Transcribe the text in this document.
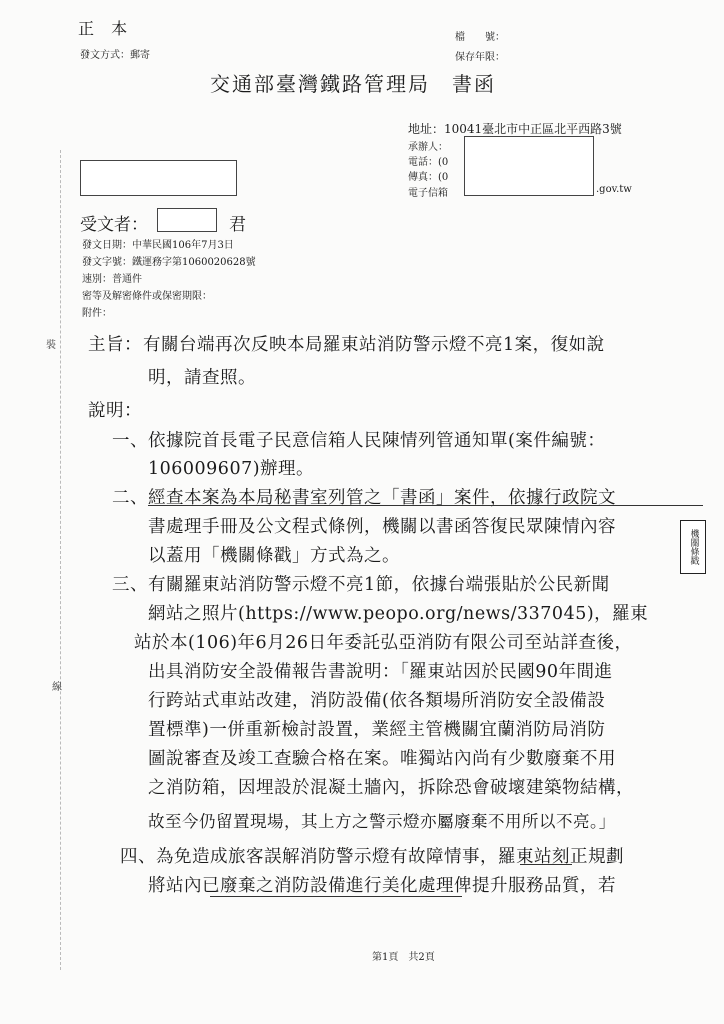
正 本
發文方式：郵寄
檔　　號：
保存年限：
交通部臺灣鐵路管理局　書函
地址：10041臺北市中正區北平西路3號
承辦人：
電話：(0
傳真：(0
電子信箱	.gov.tw
受文者：	君
發文日期：中華民國106年7月3日
發文字號：鐵運務字第1060020628號
速別：普通件
密等及解密條件或保密期限：
附件：
裝
線
主旨： 有關台端再次反映本局羅東站消防警示燈不亮1案，復如說
明，請查照。
說明：
一、依據院首長電子民意信箱人民陳情列管通知單(案件編號：
106009607)辦理。
二、經查本案為本局秘書室列管之「書函」案件，依據行政院文
書處理手冊及公文程式條例，機關以書函答復民眾陳情內容
以蓋用「機關條戳」方式為之。
三、有關羅東站消防警示燈不亮1節，依據台端張貼於公民新聞
網站之照片(https://www.peopo.org/news/337045)，羅東
站於本(106)年6月26日年委託弘亞消防有限公司至站詳查後，
出具消防安全設備報告書說明：「羅東站因於民國90年間進
行跨站式車站改建，消防設備(依各類場所消防安全設備設
置標準)一併重新檢討設置，業經主管機關宜蘭消防局消防
圖說審查及竣工查驗合格在案。唯獨站內尚有少數廢棄不用
之消防箱，因埋設於混凝土牆內，拆除恐會破壞建築物結構，
故至今仍留置現場，其上方之警示燈亦屬廢棄不用所以不亮。」
四、為免造成旅客誤解消防警示燈有故障情事，羅東站刻正規劃
將站內已廢棄之消防設備進行美化處理俾提升服務品質，若
機關條戳
第1頁　共2頁
